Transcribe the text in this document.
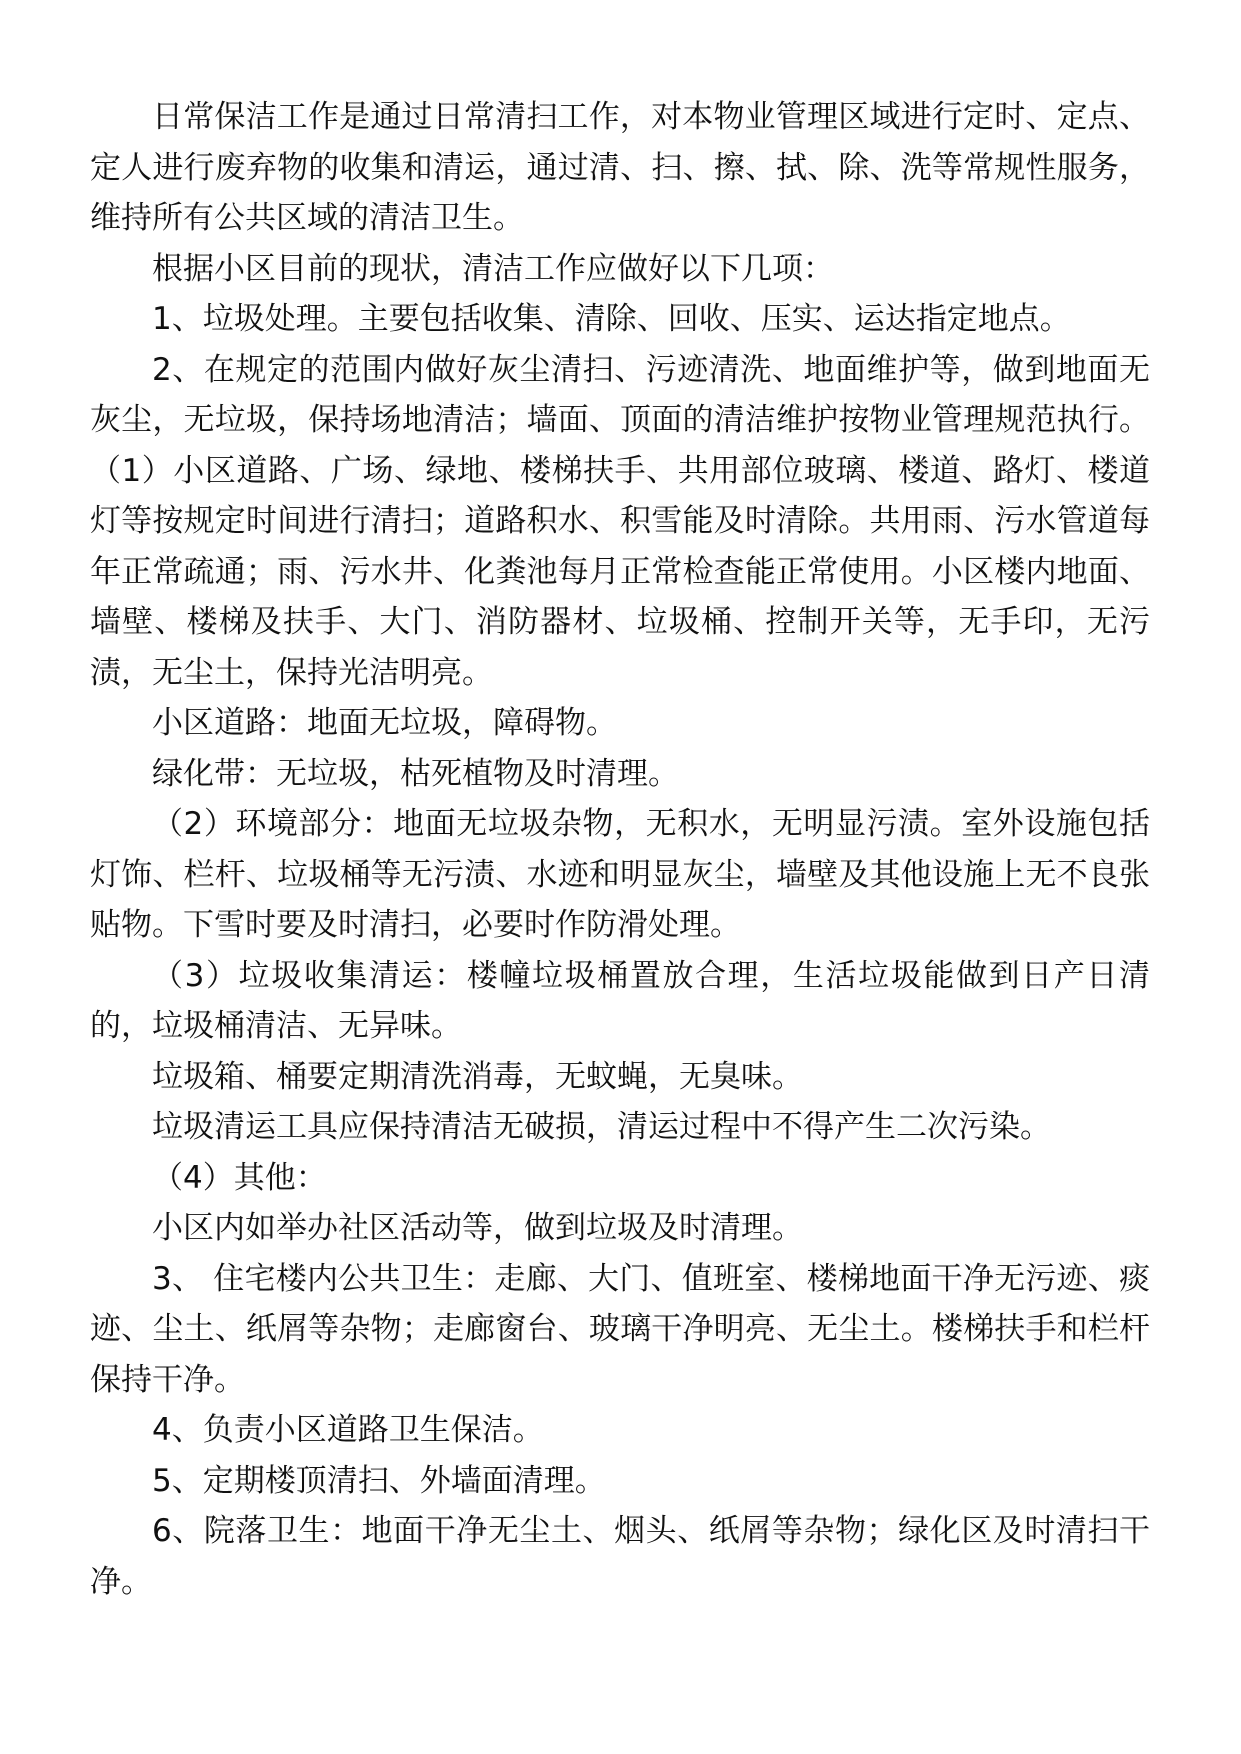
日常保洁工作是通过日常清扫工作，对本物业管理区域进行定时、定点、定人进行废弃物的收集和清运，通过清、扫、擦、拭、除、洗等常规性服务，维持所有公共区域的清洁卫生。

根据小区目前的现状，清洁工作应做好以下几项：

1、垃圾处理。主要包括收集、清除、回收、压实、运达指定地点。

2、在规定的范围内做好灰尘清扫、污迹清洗、地面维护等，做到地面无灰尘，无垃圾，保持场地清洁；墙面、顶面的清洁维护按物业管理规范执行。（1）小区道路、广场、绿地、楼梯扶手、共用部位玻璃、楼道、路灯、楼道灯等按规定时间进行清扫；道路积水、积雪能及时清除。共用雨、污水管道每年正常疏通；雨、污水井、化粪池每月正常检查能正常使用。小区楼内地面、墙壁、楼梯及扶手、大门、消防器材、垃圾桶、控制开关等，无手印，无污渍，无尘土，保持光洁明亮。

小区道路：地面无垃圾，障碍物。

绿化带：无垃圾，枯死植物及时清理。

（2）环境部分：地面无垃圾杂物，无积水，无明显污渍。室外设施包括灯饰、栏杆、垃圾桶等无污渍、水迹和明显灰尘，墙壁及其他设施上无不良张贴物。下雪时要及时清扫，必要时作防滑处理。

（3）垃圾收集清运：楼幢垃圾桶置放合理，生活垃圾能做到日产日清的，垃圾桶清洁、无异味。

垃圾箱、桶要定期清洗消毒，无蚊蝇，无臭味。

垃圾清运工具应保持清洁无破损，清运过程中不得产生二次污染。

（4）其他：

小区内如举办社区活动等，做到垃圾及时清理。

3、 住宅楼内公共卫生：走廊、大门、值班室、楼梯地面干净无污迹、痰迹、尘土、纸屑等杂物；走廊窗台、玻璃干净明亮、无尘土。楼梯扶手和栏杆保持干净。

4、负责小区道路卫生保洁。

5、定期楼顶清扫、外墙面清理。

6、院落卫生：地面干净无尘土、烟头、纸屑等杂物；绿化区及时清扫干净。
